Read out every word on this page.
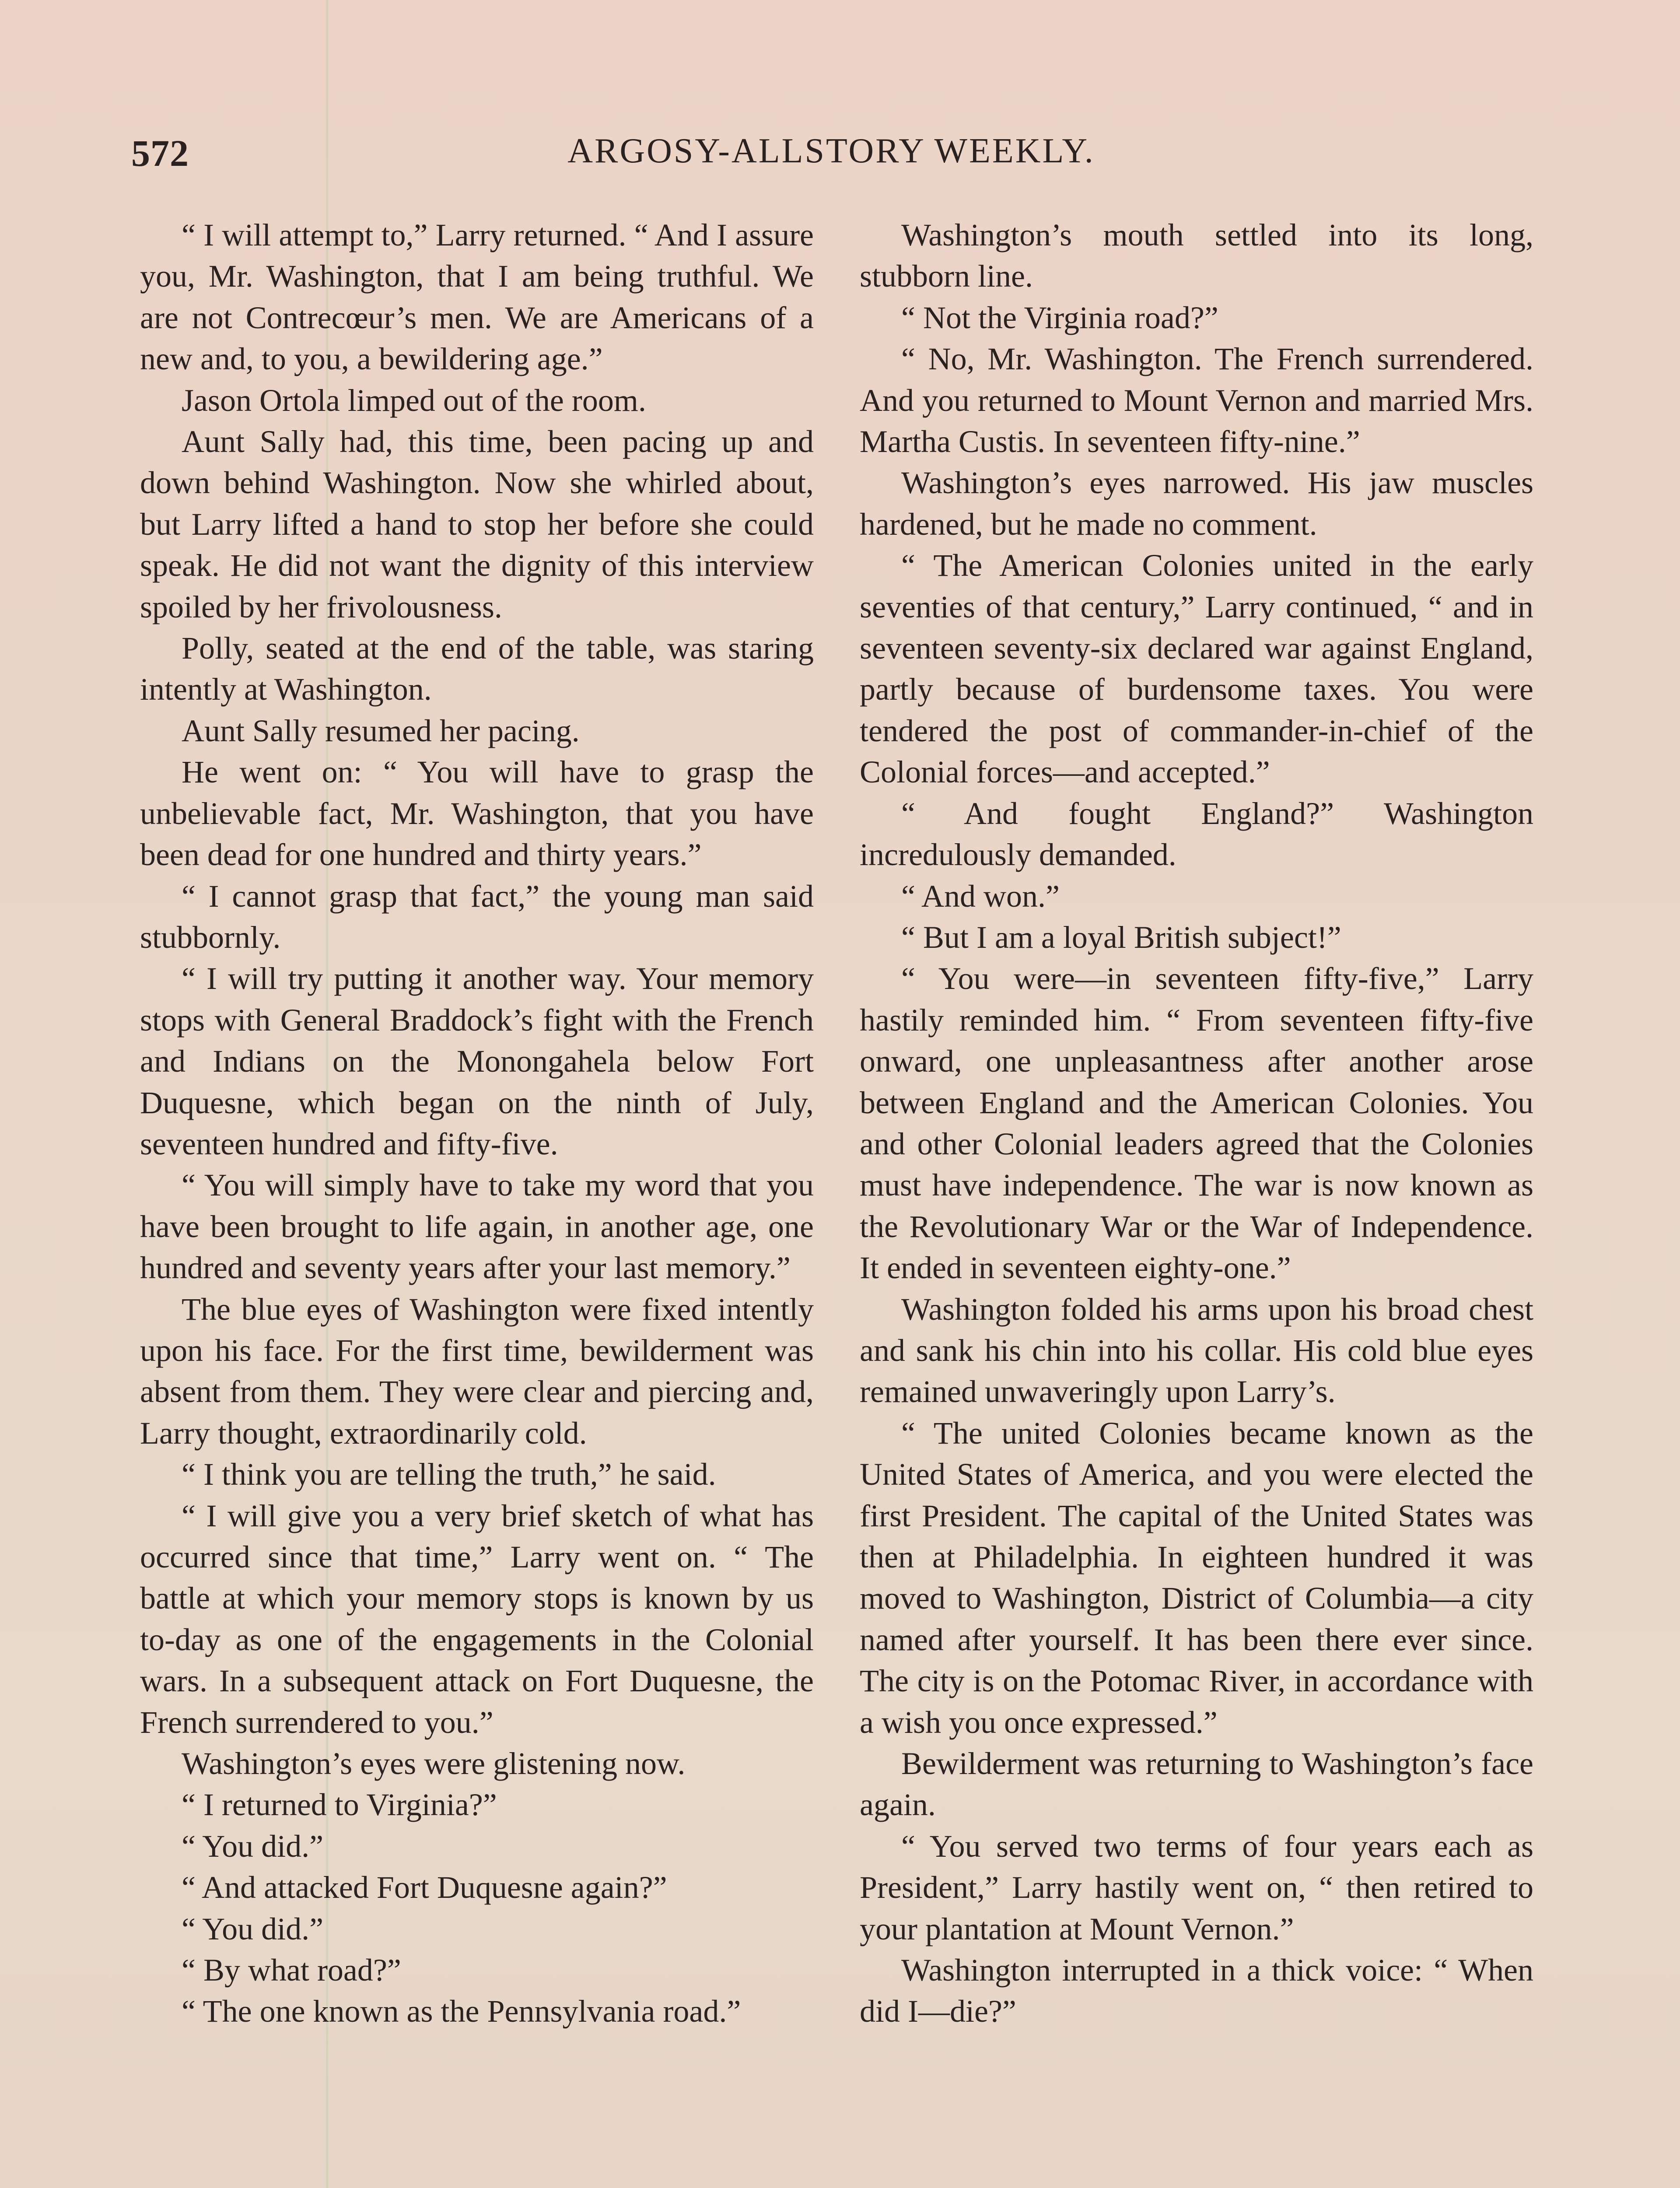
572	ARGOSY-ALLSTORY WEEKLY.

“ I will attempt to,” Larry returned. “ And I assure you, Mr. Washington, that I am being truthful. We are not Contrecœur’s men. We are Americans of a new and, to you, a bewildering age.”

Jason Ortola limped out of the room.

Aunt Sally had, this time, been pacing up and down behind Washington. Now she whirled about, but Larry lifted a hand to stop her before she could speak. He did not want the dignity of this interview spoiled by her frivolousness.

Polly, seated at the end of the table, was staring intently at Washington.

Aunt Sally resumed her pacing.

He went on: “ You will have to grasp the unbelievable fact, Mr. Washington, that you have been dead for one hundred and thirty years.”

“ I cannot grasp that fact,” the young man said stubbornly.

“ I will try putting it another way. Your memory stops with General Braddock’s fight with the French and Indians on the Monongahela below Fort Duquesne, which began on the ninth of July, seventeen hundred and fifty-five.

“ You will simply have to take my word that you have been brought to life again, in another age, one hundred and seventy years after your last memory.”

The blue eyes of Washington were fixed intently upon his face. For the first time, bewilderment was absent from them. They were clear and piercing and, Larry thought, extraordinarily cold.

“ I think you are telling the truth,” he said.

“ I will give you a very brief sketch of what has occurred since that time,” Larry went on. “ The battle at which your memory stops is known by us to-day as one of the engagements in the Colonial wars. In a subsequent attack on Fort Duquesne, the French surrendered to you.”

Washington’s eyes were glistening now.

“ I returned to Virginia?”

“ You did.”

“ And attacked Fort Duquesne again?”

“ You did.”

“ By what road?”

“ The one known as the Pennsylvania road.”

Washington’s mouth settled into its long, stubborn line.

“ Not the Virginia road?”

“ No, Mr. Washington. The French surrendered. And you returned to Mount Vernon and married Mrs. Martha Custis. In seventeen fifty-nine.”

Washington’s eyes narrowed. His jaw muscles hardened, but he made no comment.

“ The American Colonies united in the early seventies of that century,” Larry continued, “ and in seventeen seventy-six declared war against England, partly because of burdensome taxes. You were tendered the post of commander-in-chief of the Colonial forces—and accepted.”

“ And fought England?” Washington incredulously demanded.

“ And won.”

“ But I am a loyal British subject!”

“ You were—in seventeen fifty-five,” Larry hastily reminded him. “ From seventeen fifty-five onward, one unpleasantness after another arose between England and the American Colonies. You and other Colonial leaders agreed that the Colonies must have independence. The war is now known as the Revolutionary War or the War of Independence. It ended in seventeen eighty-one.”

Washington folded his arms upon his broad chest and sank his chin into his collar. His cold blue eyes remained unwaveringly upon Larry’s.

“ The united Colonies became known as the United States of America, and you were elected the first President. The capital of the United States was then at Philadelphia. In eighteen hundred it was moved to Washington, District of Columbia—a city named after yourself. It has been there ever since. The city is on the Potomac River, in accordance with a wish you once expressed.”

Bewilderment was returning to Washington’s face again.

“ You served two terms of four years each as President,” Larry hastily went on, “ then retired to your plantation at Mount Vernon.”

Washington interrupted in a thick voice: “ When did I—die?”
